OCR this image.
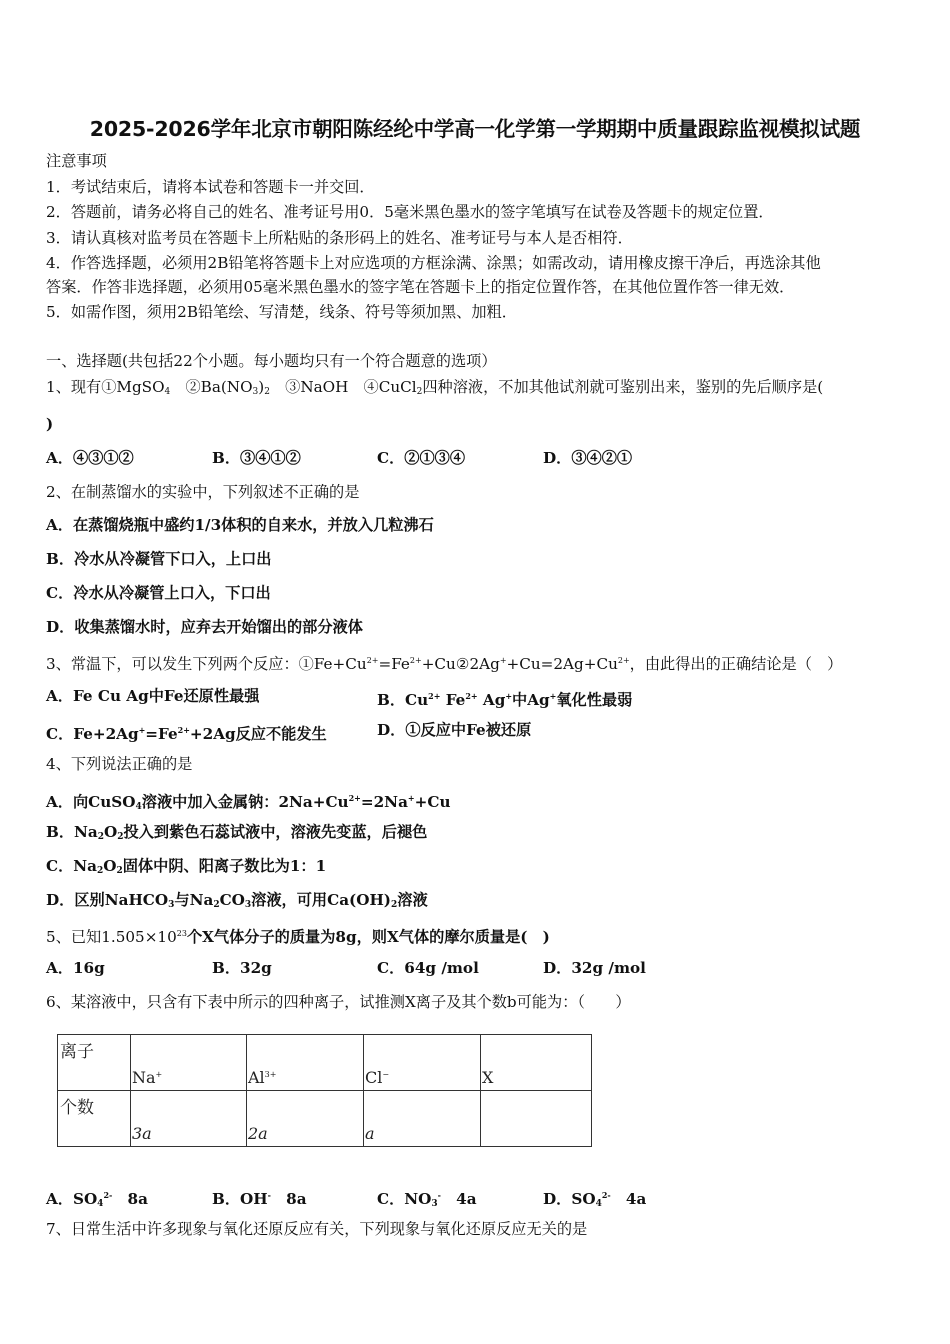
2025-2026学年北京市朝阳陈经纶中学高一化学第一学期期中质量跟踪监视模拟试题
注意事项
1．考试结束后，请将本试卷和答题卡一并交回．
2．答题前，请务必将自己的姓名、准考证号用0．5毫米黑色墨水的签字笔填写在试卷及答题卡的规定位置．
3．请认真核对监考员在答题卡上所粘贴的条形码上的姓名、准考证号与本人是否相符．
4．作答选择题，必须用2B铅笔将答题卡上对应选项的方框涂满、涂黑；如需改动，请用橡皮擦干净后，再选涂其他
答案．作答非选择题，必须用05毫米黑色墨水的签字笔在答题卡上的指定位置作答，在其他位置作答一律无效．
5．如需作图，须用2B铅笔绘、写清楚，线条、符号等须加黑、加粗．
一、选择题(共包括22个小题。每小题均只有一个符合题意的选项）
1、现有①MgSO$_4$　$②Ba(NO_3)_2$　③NaOH　④CuCl$_2$四种溶液，不加其他试剂就可鉴别出来，鉴别的先后顺序是(
)
A．④③①②	B．③④①②	C．②①③④	D．③④②①
2、在制蒸馏水的实验中，下列叙述不正确的是
A．在蒸馏烧瓶中盛约1/3体积的自来水，并放入几粒沸石
B．冷水从冷凝管下口入，上口出
C．冷水从冷凝管上口入，下口出
D．收集蒸馏水时，应弃去开始馏出的部分液体
3、常温下，可以发生下列两个反应：$①Fe+Cu^{2+}=Fe^{2+}+Cu②2Ag^++Cu=2Ag+Cu^{2+}$，由此得出的正确结论是（　）
A．Fe Cu Ag中Fe还原性最强	B．$Cu^{2+}$ $Fe^{2+}$ Ag+中Ag+氧化性最弱
C．$Fe+2Ag^+=Fe^{2+}+2Ag$反应不能发生	D．①反应中Fe被还原
4、下列说法正确的是
A．向CuSO$_4$溶液中加入金属钠：$2Na+Cu^{2+}=2Na^++Cu$
B．$Na_2O_2$投入到紫色石蕊试液中，溶液先变蓝，后褪色
C．$Na_2O_2$固体中阴、阳离子数比为1：1
D．区别NaHCO$_3$与$Na_2CO_3$溶液，可用$Ca(OH)_2$溶液
5、已知$1.505\times 10^{23}$个X气体分子的质量为8g，则X气体的摩尔质量是(　)
A．16g	B．32g	C．64g /mol	D．32g /mol
6、某溶液中，只含有下表中所示的四种离子，试推测X离子及其个数b可能为：（　　）
离子	Na+	$Al^{3+}$	Cl−	X

个数	3a	2a	a	

A．$SO_4^{2-}$　8a	B．OH-　8a	C．$NO_3^-$　4a	D．$SO_4^{2-}$　4a
7、日常生活中许多现象与氧化还原反应有关，下列现象与氧化还原反应无关的是
